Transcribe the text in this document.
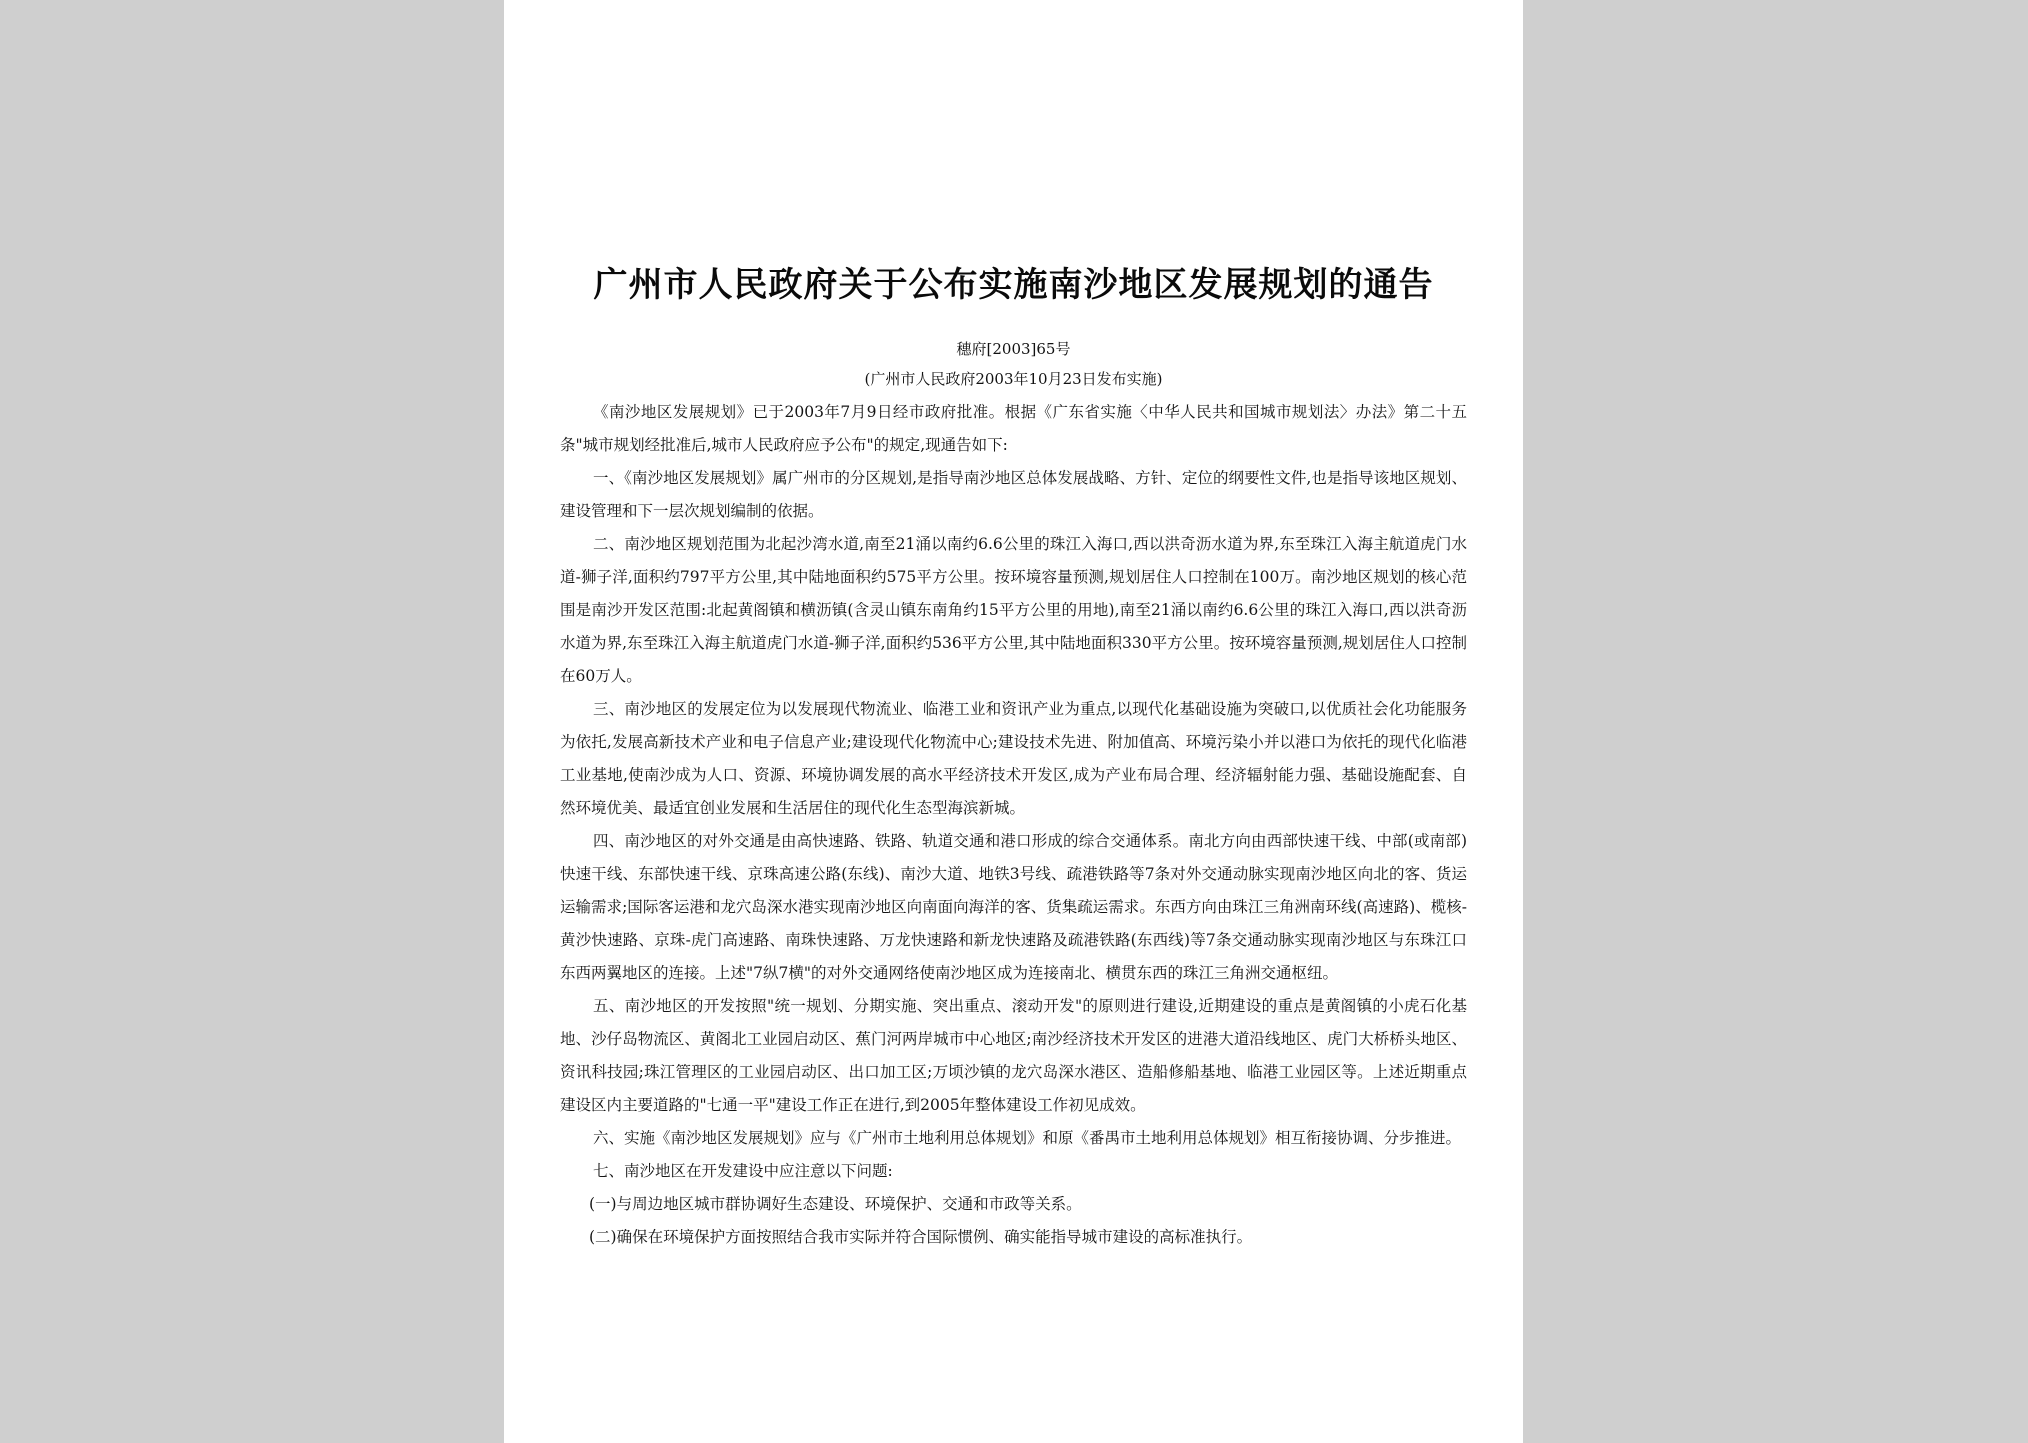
广州市人民政府关于公布实施南沙地区发展规划的通告

穗府[2003]65号

(广州市人民政府2003年10月23日发布实施)

《南沙地区发展规划》已于2003年7月9日经市政府批准。根据《广东省实施〈中华人民共和国城市规划法〉办法》第二十五条"城市规划经批准后,城市人民政府应予公布"的规定,现通告如下:

一、《南沙地区发展规划》属广州市的分区规划,是指导南沙地区总体发展战略、方针、定位的纲要性文件,也是指导该地区规划、建设管理和下一层次规划编制的依据。

二、南沙地区规划范围为北起沙湾水道,南至21涌以南约6.6公里的珠江入海口,西以洪奇沥水道为界,东至珠江入海主航道虎门水道-狮子洋,面积约797平方公里,其中陆地面积约575平方公里。按环境容量预测,规划居住人口控制在100万。南沙地区规划的核心范围是南沙开发区范围:北起黄阁镇和横沥镇(含灵山镇东南角约15平方公里的用地),南至21涌以南约6.6公里的珠江入海口,西以洪奇沥水道为界,东至珠江入海主航道虎门水道-狮子洋,面积约536平方公里,其中陆地面积330平方公里。按环境容量预测,规划居住人口控制在60万人。

三、南沙地区的发展定位为以发展现代物流业、临港工业和资讯产业为重点,以现代化基础设施为突破口,以优质社会化功能服务为依托,发展高新技术产业和电子信息产业;建设现代化物流中心;建设技术先进、附加值高、环境污染小并以港口为依托的现代化临港工业基地,使南沙成为人口、资源、环境协调发展的高水平经济技术开发区,成为产业布局合理、经济辐射能力强、基础设施配套、自然环境优美、最适宜创业发展和生活居住的现代化生态型海滨新城。

四、南沙地区的对外交通是由高快速路、铁路、轨道交通和港口形成的综合交通体系。南北方向由西部快速干线、中部(或南部)快速干线、东部快速干线、京珠高速公路(东线)、南沙大道、地铁3号线、疏港铁路等7条对外交通动脉实现南沙地区向北的客、货运运输需求;国际客运港和龙穴岛深水港实现南沙地区向南面向海洋的客、货集疏运需求。东西方向由珠江三角洲南环线(高速路)、榄核-黄沙快速路、京珠-虎门高速路、南珠快速路、万龙快速路和新龙快速路及疏港铁路(东西线)等7条交通动脉实现南沙地区与东珠江口东西两翼地区的连接。上述"7纵7横"的对外交通网络使南沙地区成为连接南北、横贯东西的珠江三角洲交通枢纽。

五、南沙地区的开发按照"统一规划、分期实施、突出重点、滚动开发"的原则进行建设,近期建设的重点是黄阁镇的小虎石化基地、沙仔岛物流区、黄阁北工业园启动区、蕉门河两岸城市中心地区;南沙经济技术开发区的进港大道沿线地区、虎门大桥桥头地区、资讯科技园;珠江管理区的工业园启动区、出口加工区;万顷沙镇的龙穴岛深水港区、造船修船基地、临港工业园区等。上述近期重点建设区内主要道路的"七通一平"建设工作正在进行,到2005年整体建设工作初见成效。

六、实施《南沙地区发展规划》应与《广州市土地利用总体规划》和原《番禺市土地利用总体规划》相互衔接协调、分步推进。

七、南沙地区在开发建设中应注意以下问题:

(一)与周边地区城市群协调好生态建设、环境保护、交通和市政等关系。

(二)确保在环境保护方面按照结合我市实际并符合国际惯例、确实能指导城市建设的高标准执行。
